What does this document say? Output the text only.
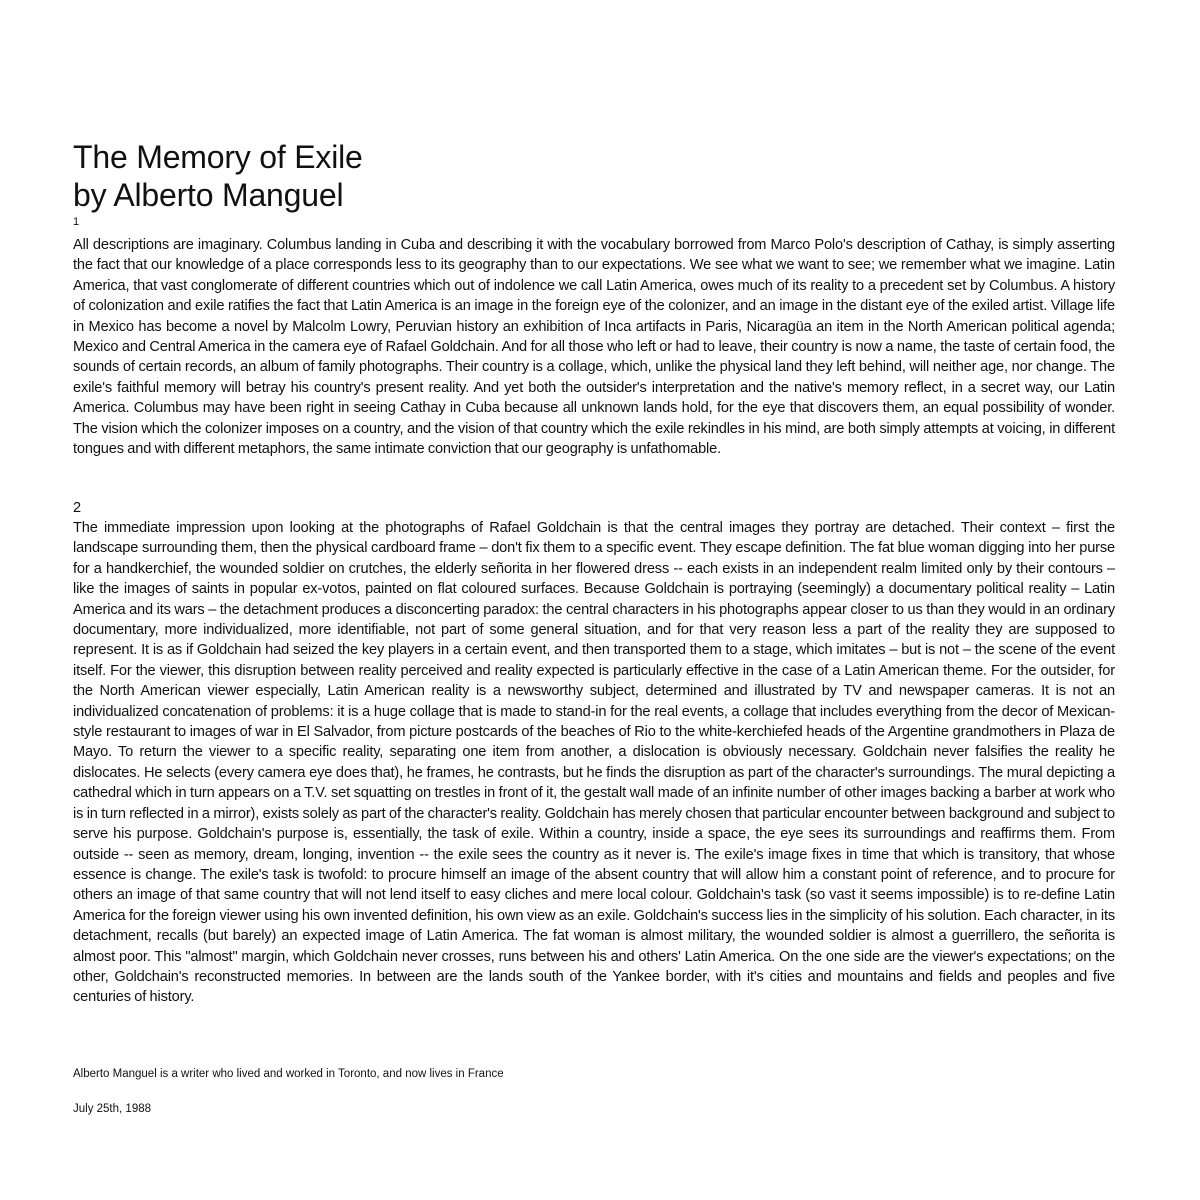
The Memory of Exile
by Alberto Manguel
1

All descriptions are imaginary. Columbus landing in Cuba and describing it with the vocabulary borrowed from Marco Polo's description of Cathay, is simply asserting the fact that our knowledge of a place corresponds less to its geography than to our expectations. We see what we want to see; we remember what we imagine. Latin America, that vast conglomerate of different countries which out of indolence we call Latin America, owes much of its reality to a precedent set by Columbus. A history of colonization and exile ratifies the fact that Latin America is an image in the foreign eye of the colonizer, and an image in the distant eye of the exiled artist. Village life in Mexico has become a novel by Malcolm Lowry, Peruvian history an exhibition of Inca artifacts in Paris, Nicaragüa an item in the North American political agenda; Mexico and Central America in the camera eye of Rafael Goldchain. And for all those who left or had to leave, their country is now a name, the taste of certain food, the sounds of certain records, an album of family photographs. Their country is a collage, which, unlike the physical land they left behind, will neither age, nor change. The exile's faithful memory will betray his country's present reality. And yet both the outsider's interpretation and the native's memory reflect, in a secret way, our Latin America. Columbus may have been right in seeing Cathay in Cuba because all unknown lands hold, for the eye that discovers them, an equal possibility of wonder. The vision which the colonizer imposes on a country, and the vision of that country which the exile rekindles in his mind, are both simply attempts at voicing, in different tongues and with different metaphors, the same intimate conviction that our geography is unfathomable.

2

The immediate impression upon looking at the photographs of Rafael Goldchain is that the central images they portray are detached. Their context – first the landscape surrounding them, then the physical cardboard frame – don't fix them to a specific event. They escape definition. The fat blue woman digging into her purse for a handkerchief, the wounded soldier on crutches, the elderly señorita in her flowered dress -- each exists in an independent realm limited only by their contours – like the images of saints in popular ex-votos, painted on flat coloured surfaces. Because Goldchain is portraying (seemingly) a documentary political reality – Latin America and its wars – the detachment produces a disconcerting paradox: the central characters in his photographs appear closer to us than they would in an ordinary documentary, more individualized, more identifiable, not part of some general situation, and for that very reason less a part of the reality they are supposed to represent. It is as if Goldchain had seized the key players in a certain event, and then transported them to a stage, which imitates – but is not – the scene of the event itself. For the viewer, this disruption between reality perceived and reality expected is particularly effective in the case of a Latin American theme. For the outsider, for the North American viewer especially, Latin American reality is a newsworthy subject, determined and illustrated by TV and newspaper cameras. It is not an individualized concatenation of problems: it is a huge collage that is made to stand-in for the real events, a collage that includes everything from the decor of Mexican-style restaurant to images of war in El Salvador, from picture postcards of the beaches of Rio to the white-kerchiefed heads of the Argentine grandmothers in Plaza de Mayo. To return the viewer to a specific reality, separating one item from another, a dislocation is obviously necessary. Goldchain never falsifies the reality he dislocates. He selects (every camera eye does that), he frames, he contrasts, but he finds the disruption as part of the character's surroundings. The mural depicting a cathedral which in turn appears on a T.V. set squatting on trestles in front of it, the gestalt wall made of an infinite number of other images backing a barber at work who is in turn reflected in a mirror), exists solely as part of the character's reality. Goldchain has merely chosen that particular encounter between background and subject to serve his purpose. Goldchain's purpose is, essentially, the task of exile. Within a country, inside a space, the eye sees its surroundings and reaffirms them. From outside -- seen as memory, dream, longing, invention -- the exile sees the country as it never is. The exile's image fixes in time that which is transitory, that whose essence is change. The exile's task is twofold: to procure himself an image of the absent country that will allow him a constant point of reference, and to procure for others an image of that same country that will not lend itself to easy cliches and mere local colour. Goldchain's task (so vast it seems impossible) is to re-define Latin America for the foreign viewer using his own invented definition, his own view as an exile. Goldchain's success lies in the simplicity of his solution. Each character, in its detachment, recalls (but barely) an expected image of Latin America. The fat woman is almost military, the wounded soldier is almost a guerrillero, the señorita is almost poor. This "almost" margin, which Goldchain never crosses, runs between his and others' Latin America. On the one side are the viewer's expectations; on the other, Goldchain's reconstructed memories. In between are the lands south of the Yankee border, with it's cities and mountains and fields and peoples and five centuries of history.

Alberto Manguel is a writer who lived and worked in Toronto, and now lives in France
July 25th, 1988
